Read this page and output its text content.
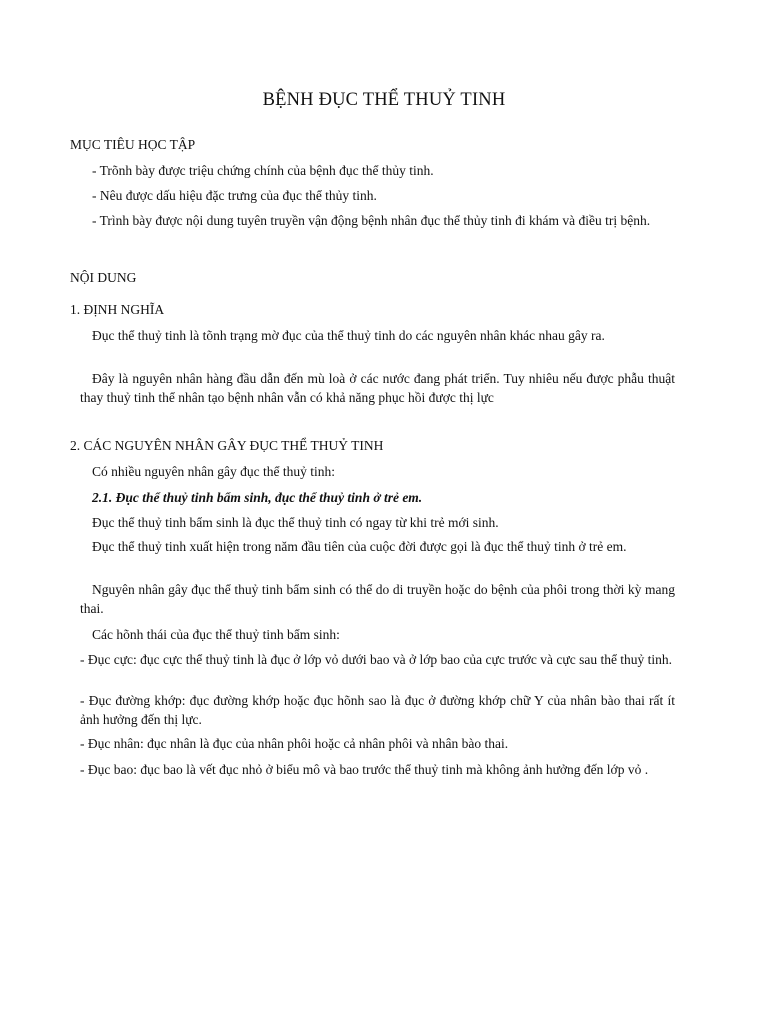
BỆNH ĐỤC THỂ THUỶ TINH
MỤC TIÊU HỌC TẬP
- Trõnh bày được triệu chứng chính của bệnh đục thể thủy tinh.
- Nêu được dấu hiệu đặc trưng của đục thể thủy tinh.
- Trình bày được nội dung tuyên truyền vận động bệnh nhân đục thể thủy tinh đi khám và điều trị bệnh.
NỘI DUNG
1. ĐỊNH NGHĨA
Đục thể thuỷ tinh là tõnh trạng mờ đục của thể thuỷ tinh do các nguyên nhân khác nhau gây ra.
Đây là nguyên nhân hàng đầu dẫn đến mù loà ở các nước đang phát triển. Tuy nhiêu nếu được phẫu thuật thay thuỷ tinh thể nhân tạo bệnh nhân vẫn có khả năng phục hồi được thị lực
2. CÁC NGUYÊN NHÂN GÂY ĐỤC THỂ THUỶ TINH
Có nhiều nguyên nhân gây đục thể thuỷ tinh:
2.1. Đục thể thuỷ tinh bẩm sinh, đục thể thuỷ tinh ở trẻ em.
Đục thể thuỷ tinh bẩm sinh là đục thể thuỷ tinh có ngay từ khi trẻ mới sinh.
Đục thể thuỷ tinh xuất hiện trong năm đầu tiên của cuộc đời được gọi là đục thể thuỷ tinh ở trẻ em.
Nguyên nhân gây đục thể thuỷ tinh bẩm sinh có thể do di truyền hoặc do bệnh của phôi trong thời kỳ mang thai.
Các hõnh thái của đục thể thuỷ tinh bẩm sinh:
- Đục cực: đục cực thể thuỷ tinh là đục ở lớp vỏ dưới bao và ở lớp bao của cực trước và cực sau thể thuỷ tinh.
- Đục đường khớp: đục đường khớp hoặc đục hõnh sao là đục ở đường khớp chữ Y của nhân bào thai rất ít ảnh hưởng đến thị lực.
- Đục nhân: đục nhân là đục của nhân phôi hoặc cả nhân phôi và nhân bào thai.
- Đục bao: đục bao là vết đục nhỏ ở biểu mô và bao trước thể thuỷ tinh mà không ảnh hưởng đến lớp vỏ .
